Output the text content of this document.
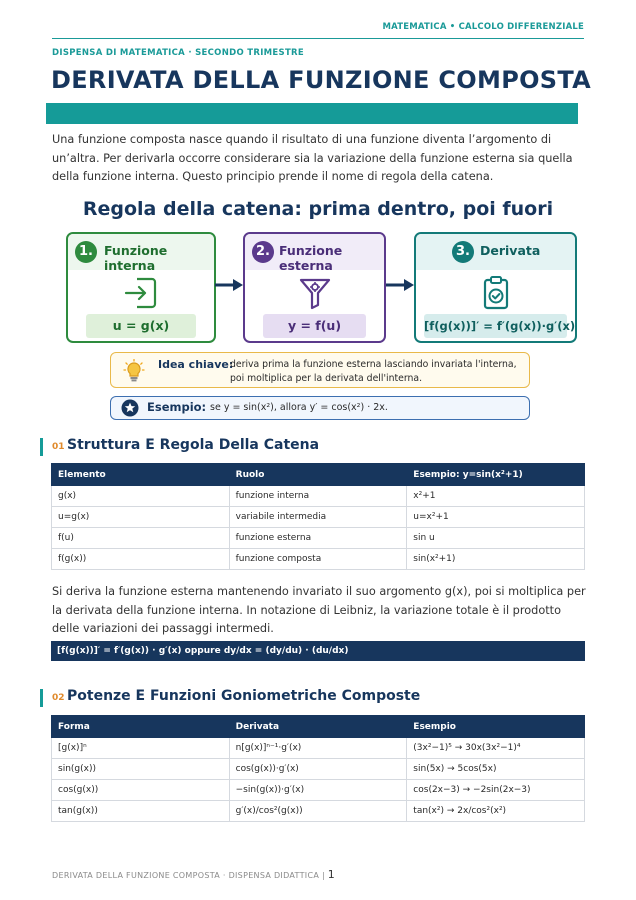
MATEMATICA • CALCOLO DIFFERENZIALE
DISPENSA DI MATEMATICA · SECONDO TRIMESTRE
DERIVATA DELLA FUNZIONE COMPOSTA
Una funzione composta nasce quando il risultato di una funzione diventa l’argomento di un’altra. Per derivarla occorre considerare sia la variazione della funzione esterna sia quella della funzione interna. Questo principio prende il nome di regola della catena.
Regola della catena: prima dentro, poi fuori
1. Funzione interna
u = g(x)
2. Funzione esterna
y = f(u)
3. Derivata
[f(g(x))]′ = f′(g(x))·g′(x)
Idea chiave:
deriva prima la funzione esterna lasciando invariata l'interna,
poi moltiplica per la derivata dell'interna.
Esempio: se y = sin(x²), allora y′ = cos(x²) · 2x.
01 Struttura E Regola Della Catena
Elemento	Ruolo	Esempio: y=sin(x²+1)
g(x)	funzione interna	x²+1
u=g(x)	variabile intermedia	u=x²+1
f(u)	funzione esterna	sin u
f(g(x))	funzione composta	sin(x²+1)
Si deriva la funzione esterna mantenendo invariato il suo argomento g(x), poi si moltiplica per la derivata della funzione interna. In notazione di Leibniz, la variazione totale è il prodotto delle variazioni dei passaggi intermedi.
[f(g(x))]′ = f′(g(x)) · g′(x) oppure dy/dx = (dy/du) · (du/dx)
02 Potenze E Funzioni Goniometriche Composte
Forma	Derivata	Esempio
[g(x)]ⁿ	n[g(x)]ⁿ⁻¹·g′(x)	(3x²−1)⁵ → 30x(3x²−1)⁴
sin(g(x))	cos(g(x))·g′(x)	sin(5x) → 5cos(5x)
cos(g(x))	−sin(g(x))·g′(x)	cos(2x−3) → −2sin(2x−3)
tan(g(x))	g′(x)/cos²(g(x))	tan(x²) → 2x/cos²(x²)
DERIVATA DELLA FUNZIONE COMPOSTA · DISPENSA DIDATTICA | 1
